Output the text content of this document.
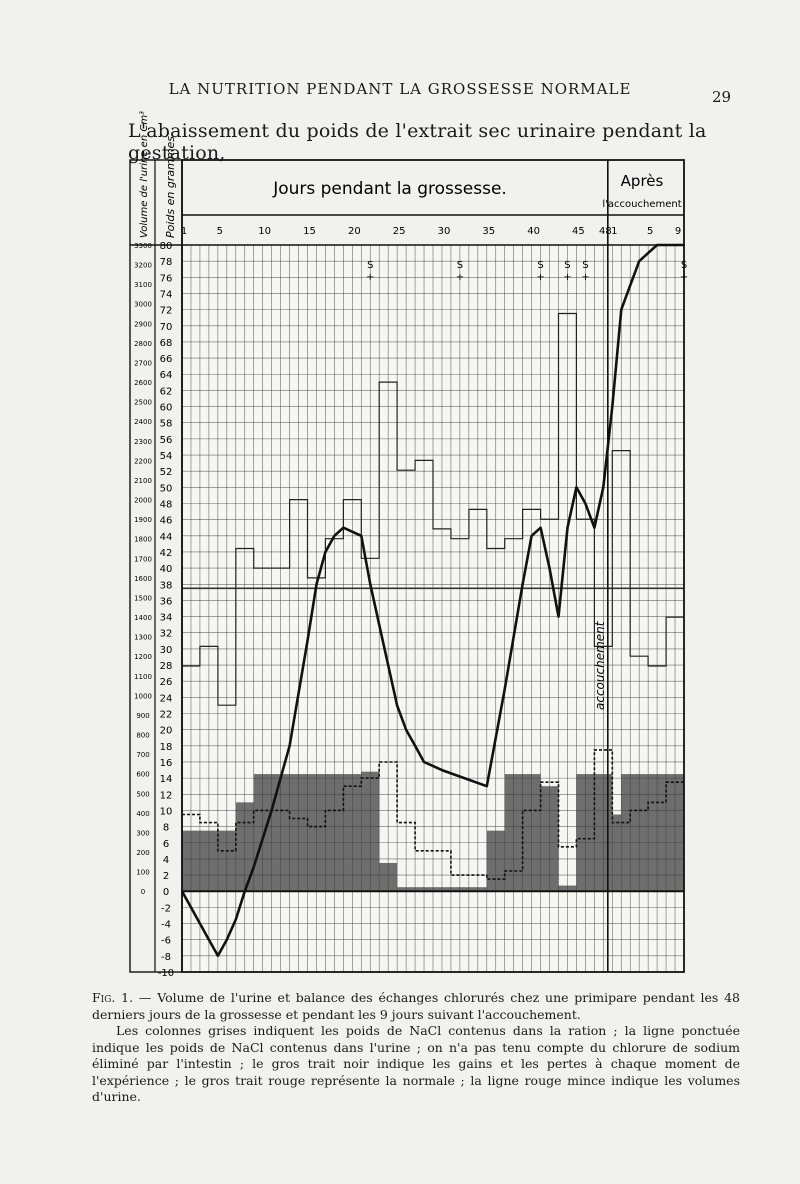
LA NUTRITION PENDANT LA GROSSESSE NORMALE	29
L'abaissement du poids de l'extrait sec urinaire pendant la gestation,
Jours pendant la grossesse.	Après
l'accouchement
Volume de l'urine en Cm³ Poids en grammes
accouchement
1	5	10	15	20	25	30	35	40	45 48 1	5 9
80
78
76
74
72
70
68
66
64
62
60
58
56
54
52
50
48
46
44
42
40
38
36
34
32
30
28
26
24
22
20
18
16
14
12
10
8
6
4
2
0
-2
-4
-6
-8
-10
3300
3200
3100
3000
2900
2800
2700
2600
2500
2400
2300
2200
2100
2000
1900
1800
1700
1600
1500
1400
1300
1200
1100
1000
900
800
700
600
500
400
300
200
100
0
S
+
S
+
S
+
S
+
S
+
S
+

Fig. 1. — Volume de l'urine et balance des échanges chlorurés chez une primipare pendant les 48 derniers jours de la grossesse et pendant les 9 jours suivant l'accouchement.

Les colonnes grises indiquent les poids de NaCl contenus dans la ration ; la ligne ponctuée indique les poids de NaCl contenus dans l'urine ; on n'a pas tenu compte du chlorure de sodium éliminé par l'intestin ; le gros trait noir indique les gains et les pertes à chaque moment de l'expérience ; le gros trait rouge représente la normale ; la ligne rouge mince indique les volumes d'urine.
